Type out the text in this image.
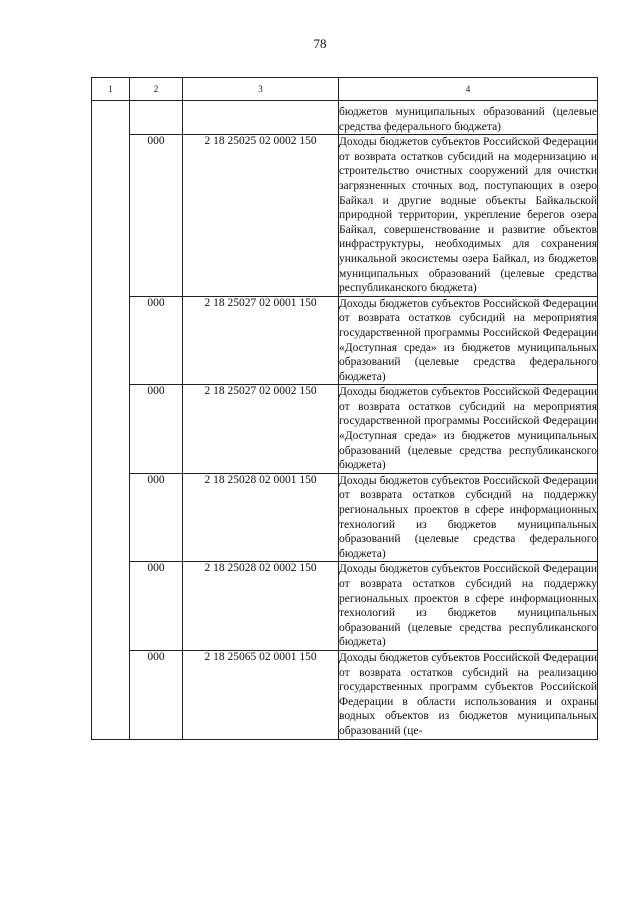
78
1	2	3	4
			бюджетов муниципальных образований (целевые средства федерального бюджета)
	000	2 18 25025 02 0002 150	Доходы бюджетов субъектов Российской Федерации от возврата остатков субсидий на модернизацию и строительство очистных сооружений для очистки загрязненных сточных вод, поступающих в озеро Байкал и другие водные объекты Байкальской природной территории, укрепление берегов озера Байкал, совершенствование и развитие объектов инфраструктуры, необходимых для сохранения уникальной экосистемы озера Байкал, из бюджетов муниципальных образований (целевые средства республиканского бюджета)
	000	2 18 25027 02 0001 150	Доходы бюджетов субъектов Российской Федерации от возврата остатков субсидий на мероприятия государственной программы Российской Федерации «Доступная среда» из бюджетов муниципальных образований (целевые средства федерального бюджета)
	000	2 18 25027 02 0002 150	Доходы бюджетов субъектов Российской Федерации от возврата остатков субсидий на мероприятия государственной программы Российской Федерации «Доступная среда» из бюджетов муниципальных образований (целевые средства республиканского бюджета)
	000	2 18 25028 02 0001 150	Доходы бюджетов субъектов Российской Федерации от возврата остатков субсидий на поддержку региональных проектов в сфере информационных технологий из бюджетов муниципальных образований (целевые средства федерального бюджета)
	000	2 18 25028 02 0002 150	Доходы бюджетов субъектов Российской Федерации от возврата остатков субсидий на поддержку региональных проектов в сфере информационных технологий из бюджетов муниципальных образований (целевые средства республиканского бюджета)
	000	2 18 25065 02 0001 150	Доходы бюджетов субъектов Российской Федерации от возврата остатков субсидий на реализацию государственных программ субъектов Российской Федерации в области использования и охраны водных объектов из бюджетов муниципальных образований (це-
